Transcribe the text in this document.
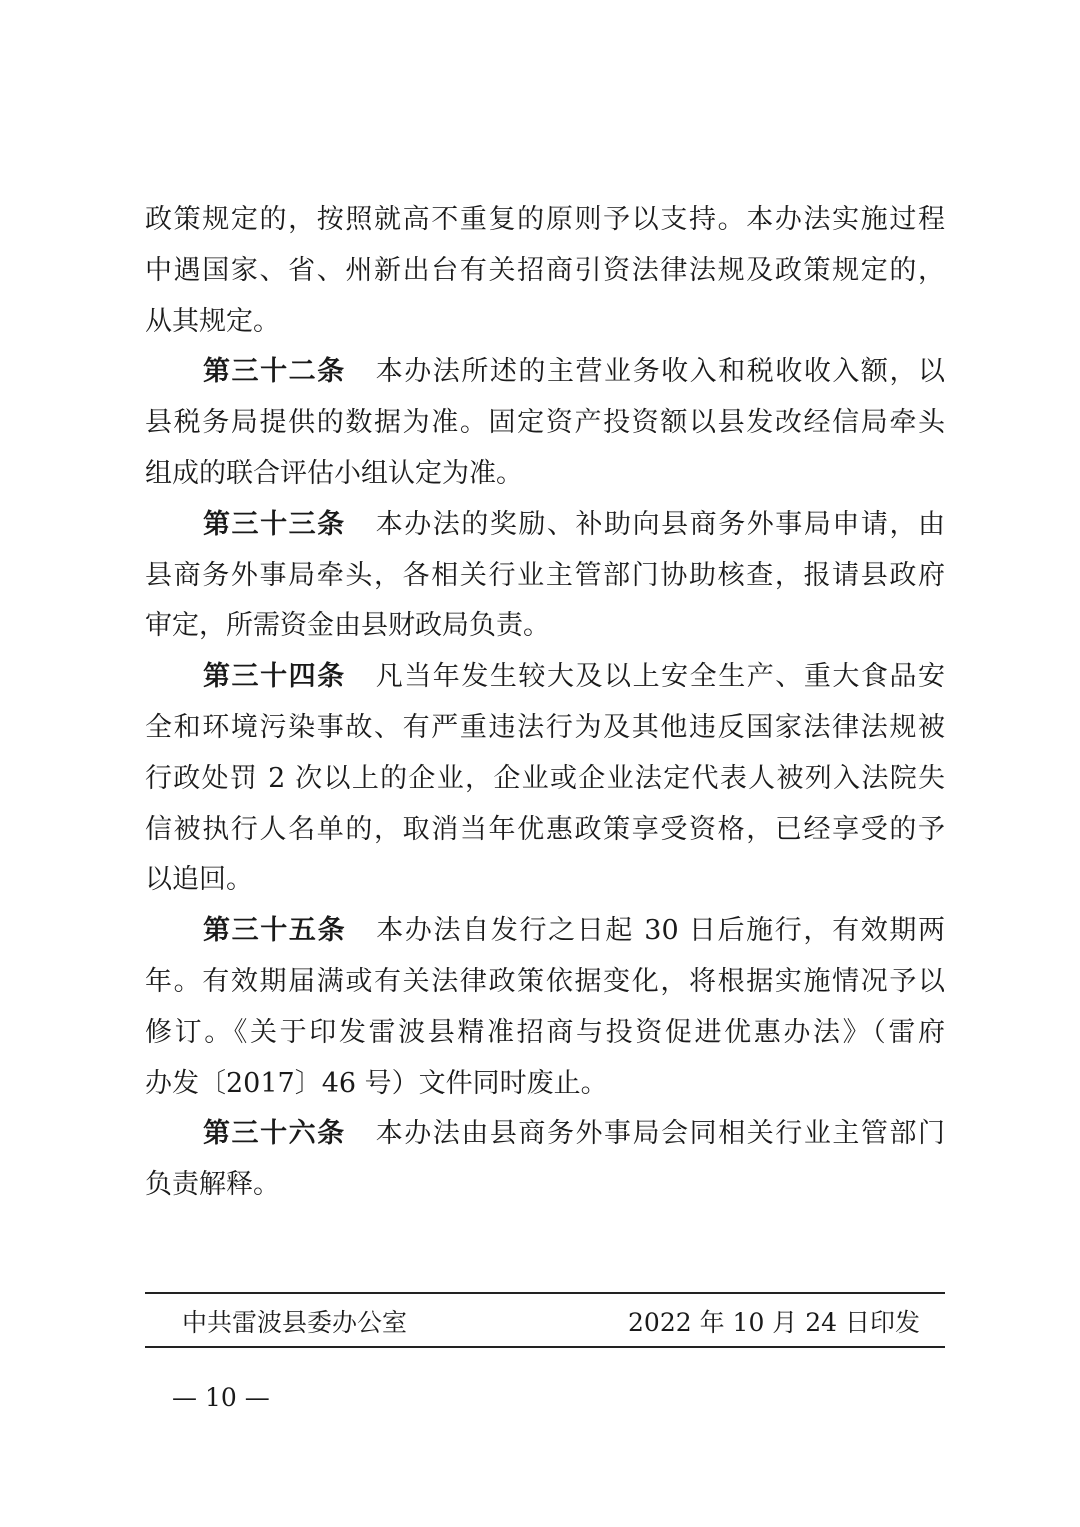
政策规定的，按照就高不重复的原则予以支持。本办法实施过程
中遇国家、省、州新出台有关招商引资法律法规及政策规定的，
从其规定。
第三十二条 本办法所述的主营业务收入和税收收入额，以
县税务局提供的数据为准。固定资产投资额以县发改经信局牵头
组成的联合评估小组认定为准。
第三十三条 本办法的奖励、补助向县商务外事局申请，由
县商务外事局牵头，各相关行业主管部门协助核查，报请县政府
审定，所需资金由县财政局负责。
第三十四条 凡当年发生较大及以上安全生产、重大食品安
全和环境污染事故、有严重违法行为及其他违反国家法律法规被
行政处罚 2 次以上的企业，企业或企业法定代表人被列入法院失
信被执行人名单的，取消当年优惠政策享受资格，已经享受的予
以追回。
第三十五条 本办法自发行之日起 30 日后施行，有效期两
年。有效期届满或有关法律政策依据变化，将根据实施情况予以
修订。《关于印发雷波县精准招商与投资促进优惠办法》（雷府
办发〔2017〕46 号）文件同时废止。
第三十六条 本办法由县商务外事局会同相关行业主管部门
负责解释。
中共雷波县委办公室	2022 年 10 月 24 日印发
— 10 —
